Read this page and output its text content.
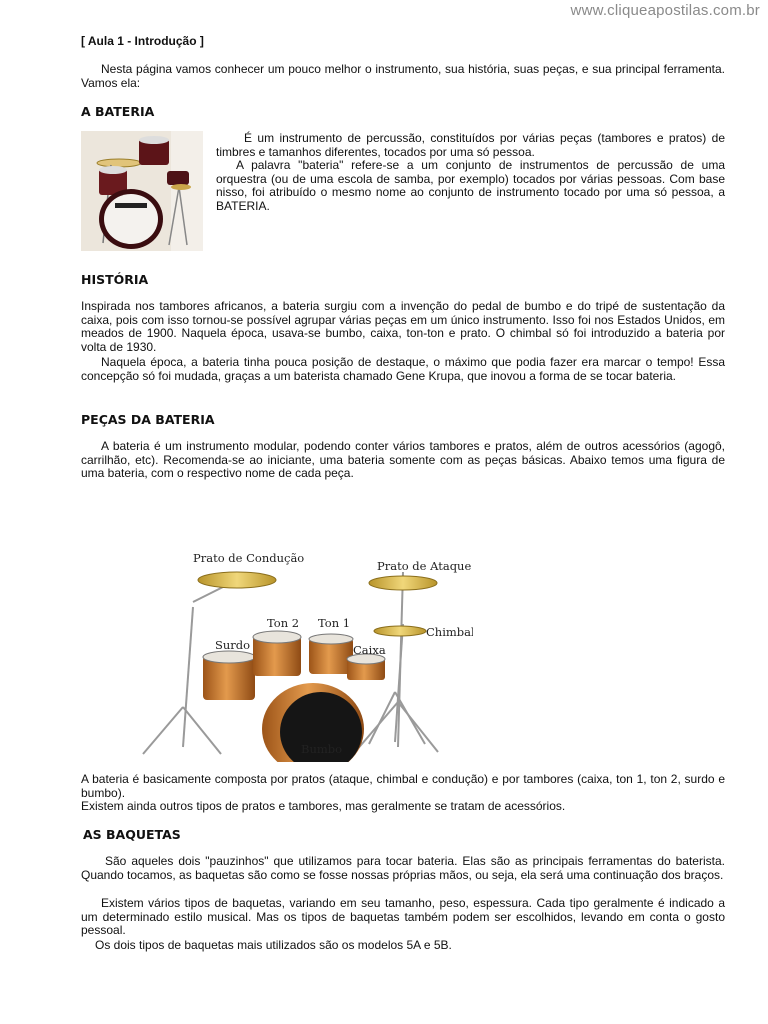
www.cliqueapostilas.com.br
[ Aula 1 - Introdução ]

Nesta página vamos conhecer um pouco melhor o instrumento, sua história, suas peças, e sua principal ferramenta. Vamos ela:

A BATERIA

É um instrumento de percussão, constituídos por várias peças (tambores e pratos) de timbres e tamanhos diferentes, tocados por uma só pessoa.

A palavra "bateria" refere-se a um conjunto de instrumentos de percussão de uma orquestra (ou de uma escola de samba, por exemplo) tocados por várias pessoas. Com base nisso, foi atribuído o mesmo nome ao conjunto de instrumento tocado por uma só pessoa, a BATERIA.

HISTÓRIA

Inspirada nos tambores africanos, a bateria surgiu com a invenção do pedal de bumbo e do tripé de sustentação da caixa, pois com isso tornou-se possível agrupar várias peças em um único instrumento. Isso foi nos Estados Unidos, em meados de 1900. Naquela época, usava-se bumbo, caixa, ton-ton e prato. O chimbal só foi introduzido a bateria por volta de 1930.

Naquela época, a bateria tinha pouca posição de destaque, o máximo que podia fazer era marcar o tempo! Essa concepção só foi mudada, graças a um baterista chamado Gene Krupa, que inovou a forma de se tocar bateria.

PEÇAS DA BATERIA

A bateria é um instrumento modular, podendo conter vários tambores e pratos, além de outros acessórios (agogô, carrilhão, etc). Recomenda-se ao iniciante, uma bateria somente com as peças básicas. Abaixo temos uma figura de uma bateria, com o respectivo nome de cada peça.

Prato de Condução
Prato de Ataque
Ton 2 Ton 1
Surdo	Caixa
Chimbal
Bumbo

A bateria é basicamente composta por pratos (ataque, chimbal e condução) e por tambores (caixa, ton 1, ton 2, surdo e bumbo).

Existem ainda outros tipos de pratos e tambores, mas geralmente se tratam de acessórios.

AS BAQUETAS

São aqueles dois "pauzinhos" que utilizamos para tocar bateria. Elas são as principais ferramentas do baterista. Quando tocamos, as baquetas são como se fosse nossas próprias mãos, ou seja, ela será uma continuação dos braços.

Existem vários tipos de baquetas, variando em seu tamanho, peso, espessura. Cada tipo geralmente é indicado a um determinado estilo musical. Mas os tipos de baquetas também podem ser escolhidos, levando em conta o gosto pessoal.

Os dois tipos de baquetas mais utilizados são os modelos 5A e 5B.
